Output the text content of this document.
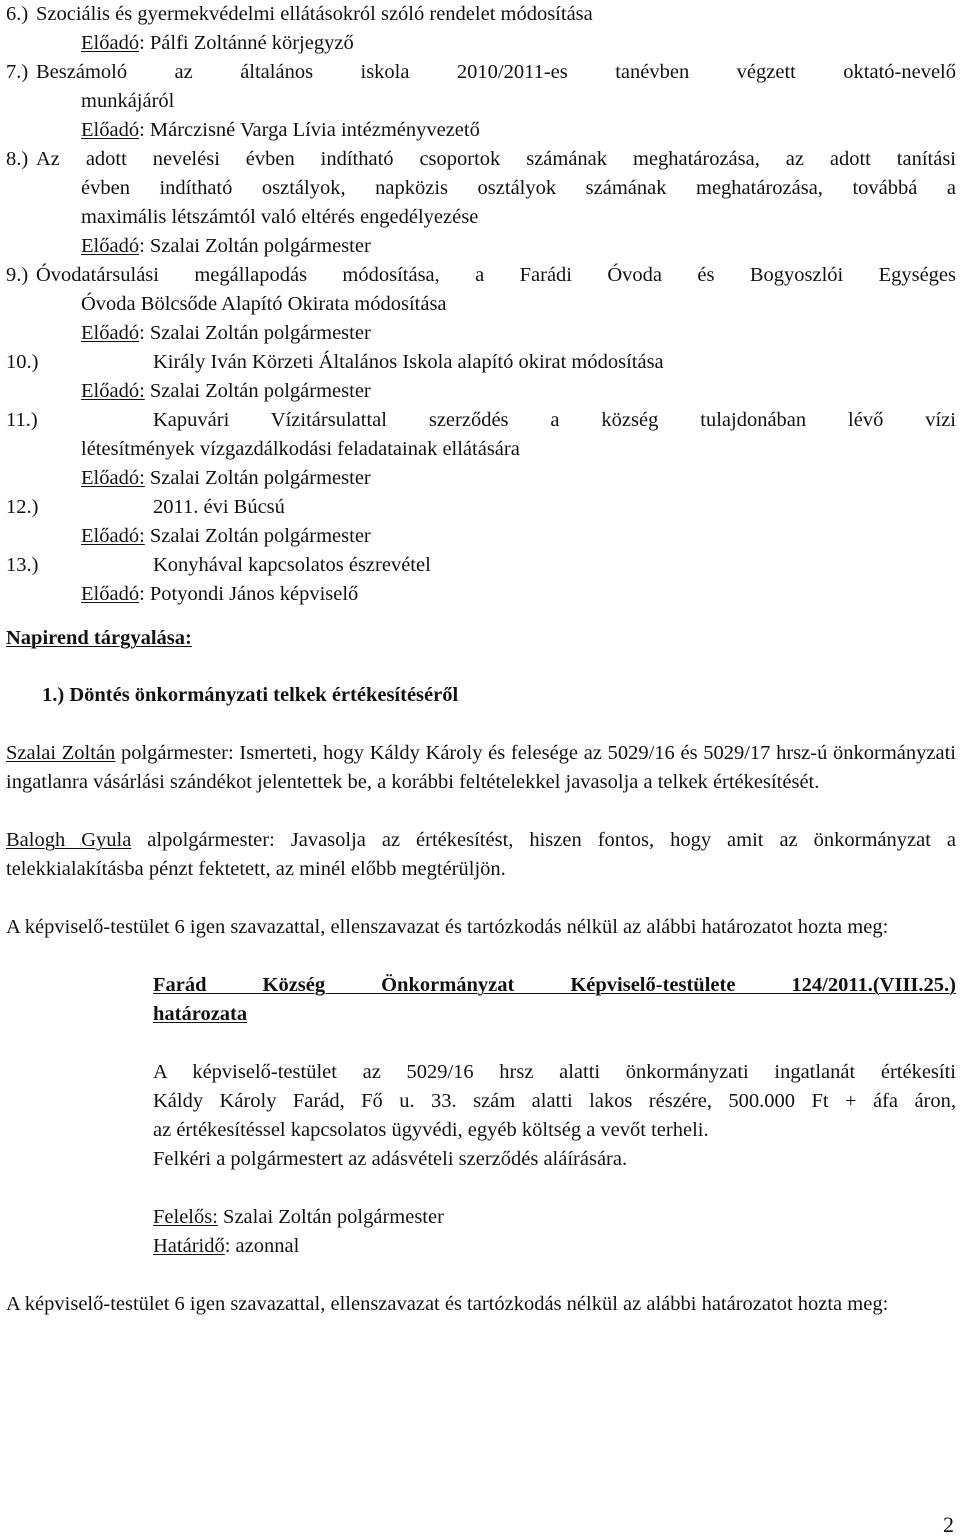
6.) Szociális és gyermekvédelmi ellátásokról szóló rendelet módosítása
Előadó: Pálfi Zoltánné körjegyző
7.) Beszámoló az általános iskola 2010/2011-es tanévben végzett oktató-nevelő
munkájáról
Előadó: Márczisné Varga Lívia intézményvezető
8.) Az adott nevelési évben indítható csoportok számának meghatározása, az adott tanítási
évben indítható osztályok, napközis osztályok számának meghatározása, továbbá a
maximális létszámtól való eltérés engedélyezése
Előadó: Szalai Zoltán polgármester
9.) Óvodatársulási megállapodás módosítása, a Farádi Óvoda és Bogyoszlói Egységes
Óvoda Bölcsőde Alapító Okirata módosítása
Előadó: Szalai Zoltán polgármester
10.)	Király Iván Körzeti Általános Iskola alapító okirat módosítása
Előadó: Szalai Zoltán polgármester
11.)	Kapuvári Vízitársulattal szerződés a község tulajdonában lévő vízi
létesítmények vízgazdálkodási feladatainak ellátására
Előadó: Szalai Zoltán polgármester
12.)	2011. évi Búcsú
Előadó: Szalai Zoltán polgármester
13.)	Konyhával kapcsolatos észrevétel
Előadó: Potyondi János képviselő
Napirend tárgyalása:
1.) Döntés önkormányzati telkek értékesítéséről
Szalai Zoltán polgármester: Ismerteti, hogy Káldy Károly és felesége az 5029/16 és 5029/17 hrsz-ú önkormányzati ingatlanra vásárlási szándékot jelentettek be, a korábbi feltételekkel javasolja a telkek értékesítését.
Balogh Gyula alpolgármester: Javasolja az értékesítést, hiszen fontos, hogy amit az önkormányzat a telekkialakításba pénzt fektetett, az minél előbb megtérüljön.
A képviselő-testület 6 igen szavazattal, ellenszavazat és tartózkodás nélkül az alábbi határozatot hozta meg:
Farád Község Önkormányzat Képviselő-testülete 124/2011.(VIII.25.)
határozata
A képviselő-testület az 5029/16 hrsz alatti önkormányzati ingatlanát értékesíti
Káldy Károly Farád, Fő u. 33. szám alatti lakos részére, 500.000 Ft + áfa áron,
az értékesítéssel kapcsolatos ügyvédi, egyéb költség a vevőt terheli.
Felkéri a polgármestert az adásvételi szerződés aláírására.
Felelős: Szalai Zoltán polgármester
Határidő: azonnal
A képviselő-testület 6 igen szavazattal, ellenszavazat és tartózkodás nélkül az alábbi határozatot hozta meg:
2
